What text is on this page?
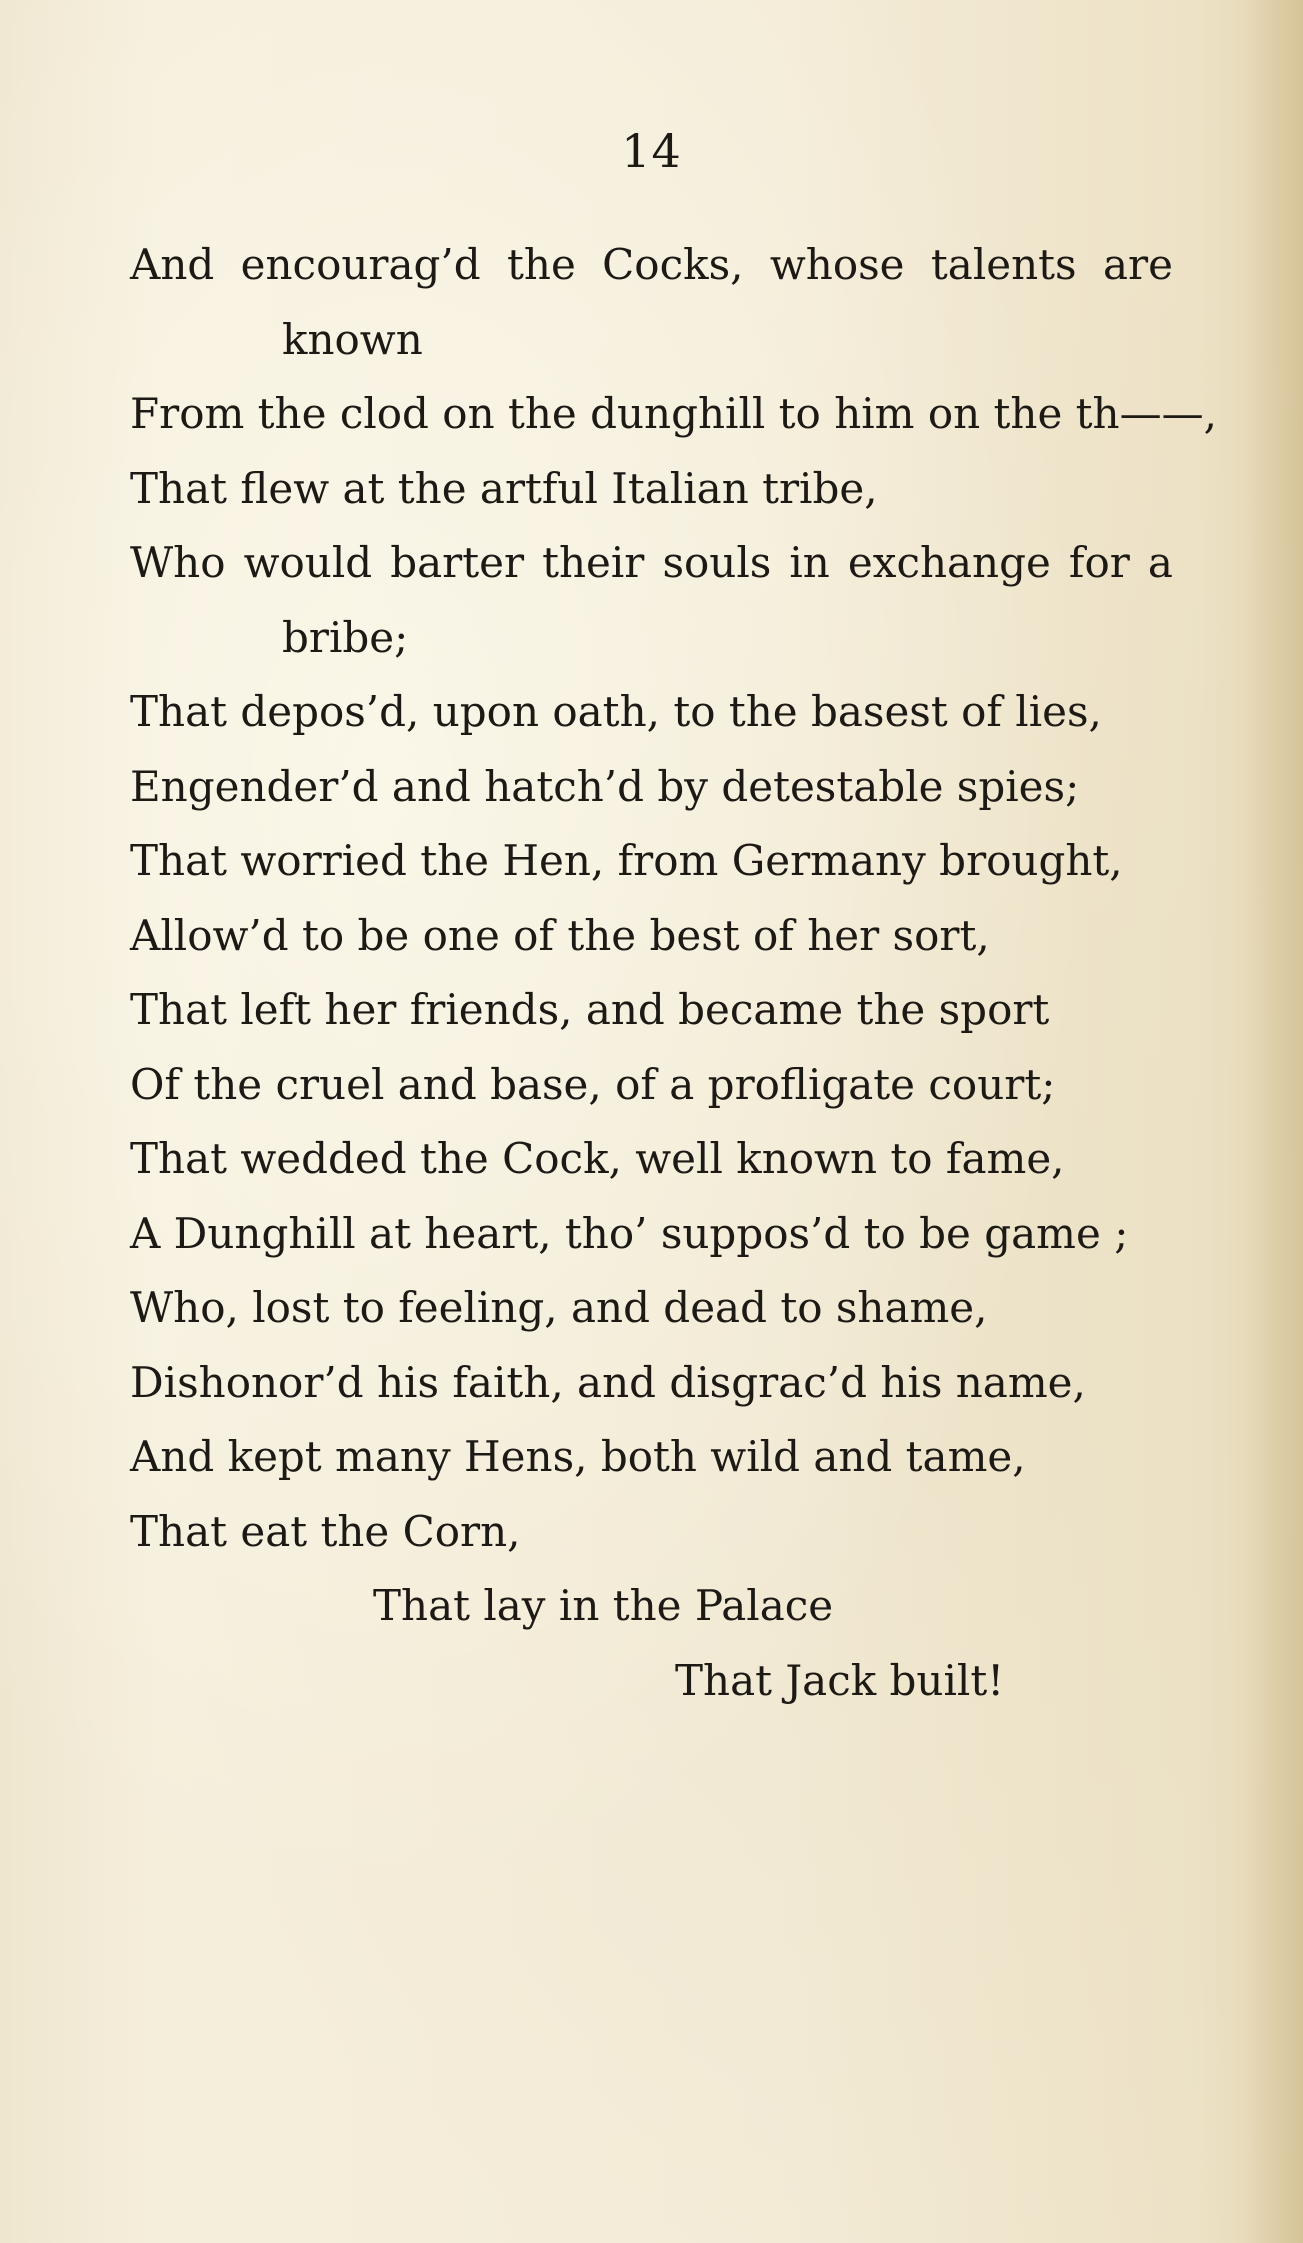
14
And encourag’d the Cocks, whose talents are
known
From the clod on the dunghill to him on the th——,
That flew at the artful Italian tribe,
Who would barter their souls in exchange for a
bribe;
That depos’d, upon oath, to the basest of lies,
Engender’d and hatch’d by detestable spies;
That worried the Hen, from Germany brought,
Allow’d to be one of the best of her sort,
That left her friends, and became the sport
Of the cruel and base, of a profligate court;
That wedded the Cock, well known to fame,
A Dunghill at heart, tho’ suppos’d to be game ;
Who, lost to feeling, and dead to shame,
Dishonor’d his faith, and disgrac’d his name,
And kept many Hens, both wild and tame,
That eat the Corn,
That lay in the Palace
That Jack built!
